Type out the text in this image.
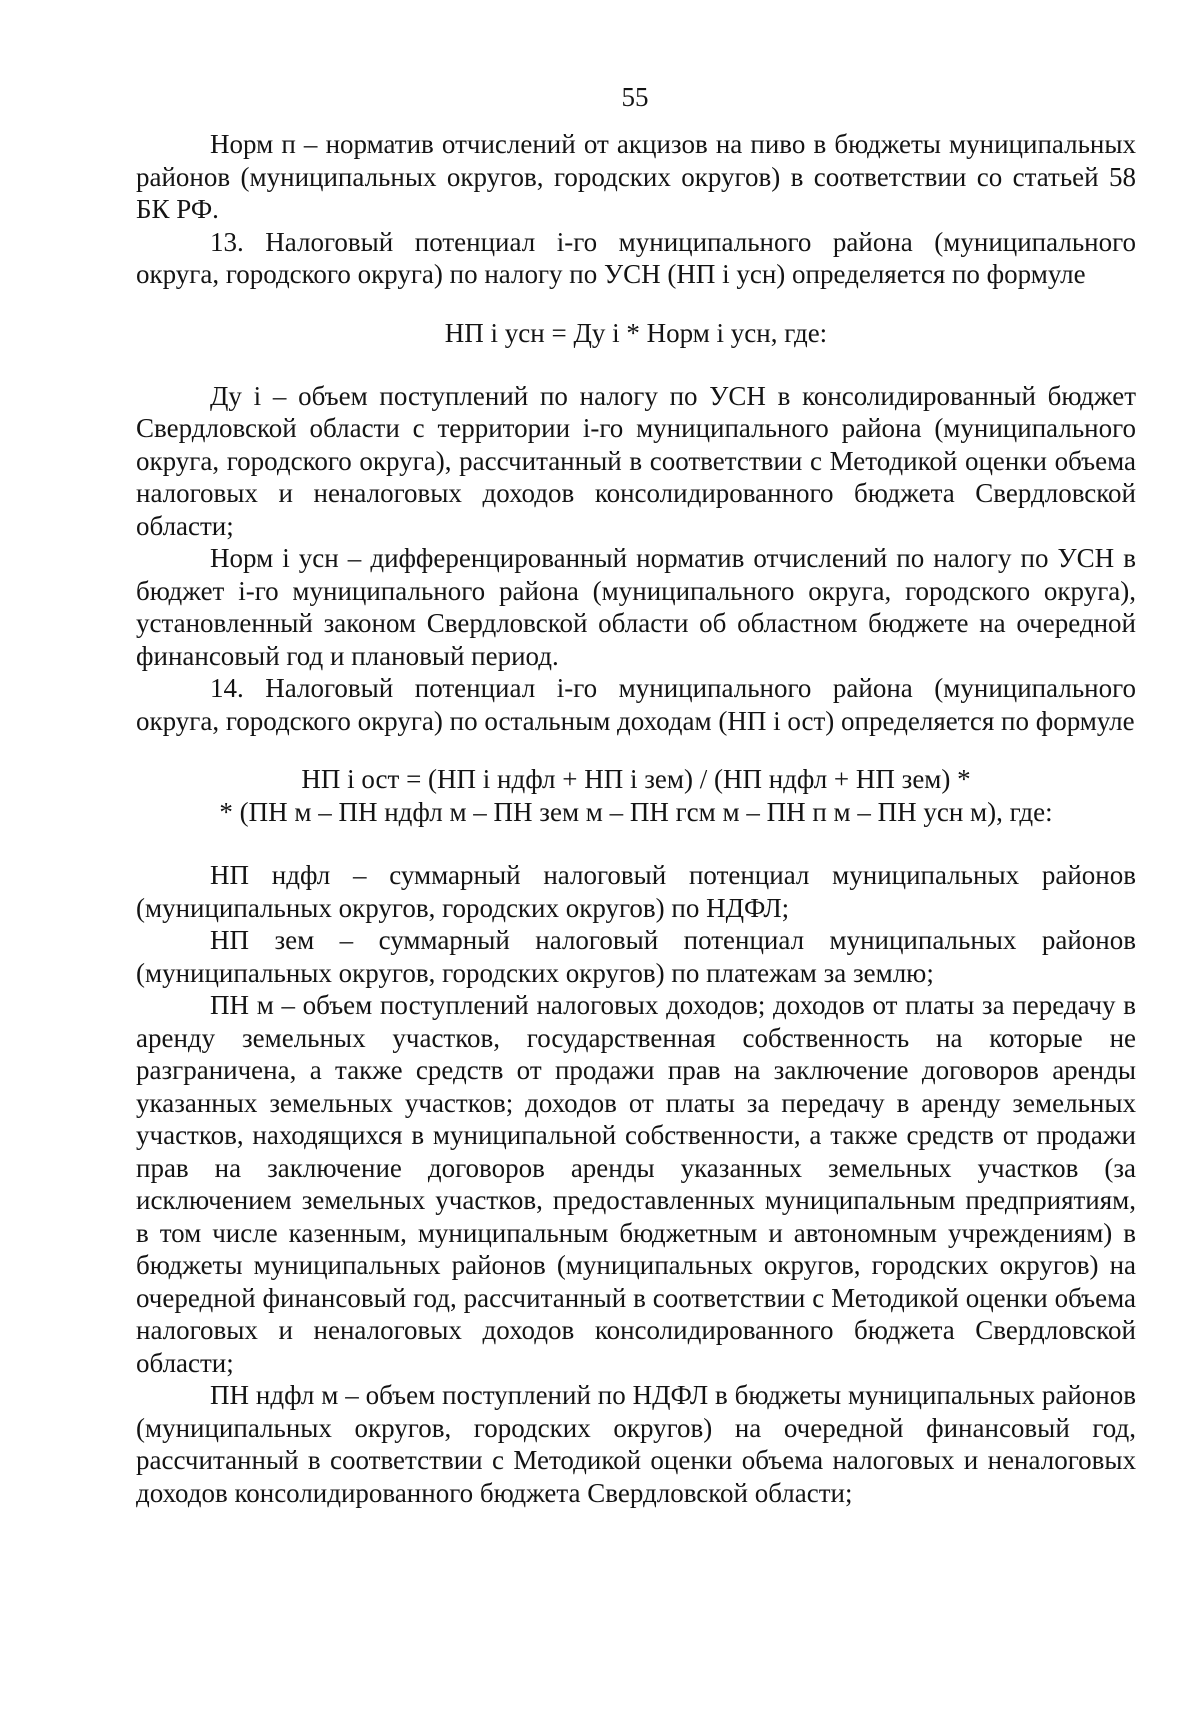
55

Норм п – норматив отчислений от акцизов на пиво в бюджеты муниципальных районов (муниципальных округов, городских округов) в соответствии со статьей 58 БК РФ.

13. Налоговый потенциал i-го муниципального района (муниципального округа, городского округа) по налогу по УСН (НП i усн) определяется по формуле

НП i усн = Ду i * Норм i усн, где:

Ду i – объем поступлений по налогу по УСН в консолидированный бюджет Свердловской области с территории i-го муниципального района (муниципального округа, городского округа), рассчитанный в соответствии с Методикой оценки объема налоговых и неналоговых доходов консолидированного бюджета Свердловской области;

Норм i усн – дифференцированный норматив отчислений по налогу по УСН в бюджет i-го муниципального района (муниципального округа, городского округа), установленный законом Свердловской области об областном бюджете на очередной финансовый год и плановый период.

14. Налоговый потенциал i-го муниципального района (муниципального округа, городского округа) по остальным доходам (НП i ост) определяется по формуле

НП i ост = (НП i ндфл + НП i зем) / (НП ндфл + НП зем) *

* (ПН м – ПН ндфл м – ПН зем м – ПН гсм м – ПН п м – ПН усн м), где:

НП ндфл – суммарный налоговый потенциал муниципальных районов (муниципальных округов, городских округов) по НДФЛ;

НП зем – суммарный налоговый потенциал муниципальных районов (муниципальных округов, городских округов) по платежам за землю;

ПН м – объем поступлений налоговых доходов; доходов от платы за передачу в аренду земельных участков, государственная собственность на которые не разграничена, а также средств от продажи прав на заключение договоров аренды указанных земельных участков; доходов от платы за передачу в аренду земельных участков, находящихся в муниципальной собственности, а также средств от продажи прав на заключение договоров аренды указанных земельных участков (за исключением земельных участков, предоставленных муниципальным предприятиям, в том числе казенным, муниципальным бюджетным и автономным учреждениям) в бюджеты муниципальных районов (муниципальных округов, городских округов) на очередной финансовый год, рассчитанный в соответствии с Методикой оценки объема налоговых и неналоговых доходов консолидированного бюджета Свердловской области;

ПН ндфл м – объем поступлений по НДФЛ в бюджеты муниципальных районов (муниципальных округов, городских округов) на очередной финансовый год, рассчитанный в соответствии с Методикой оценки объема налоговых и неналоговых доходов консолидированного бюджета Свердловской области;
